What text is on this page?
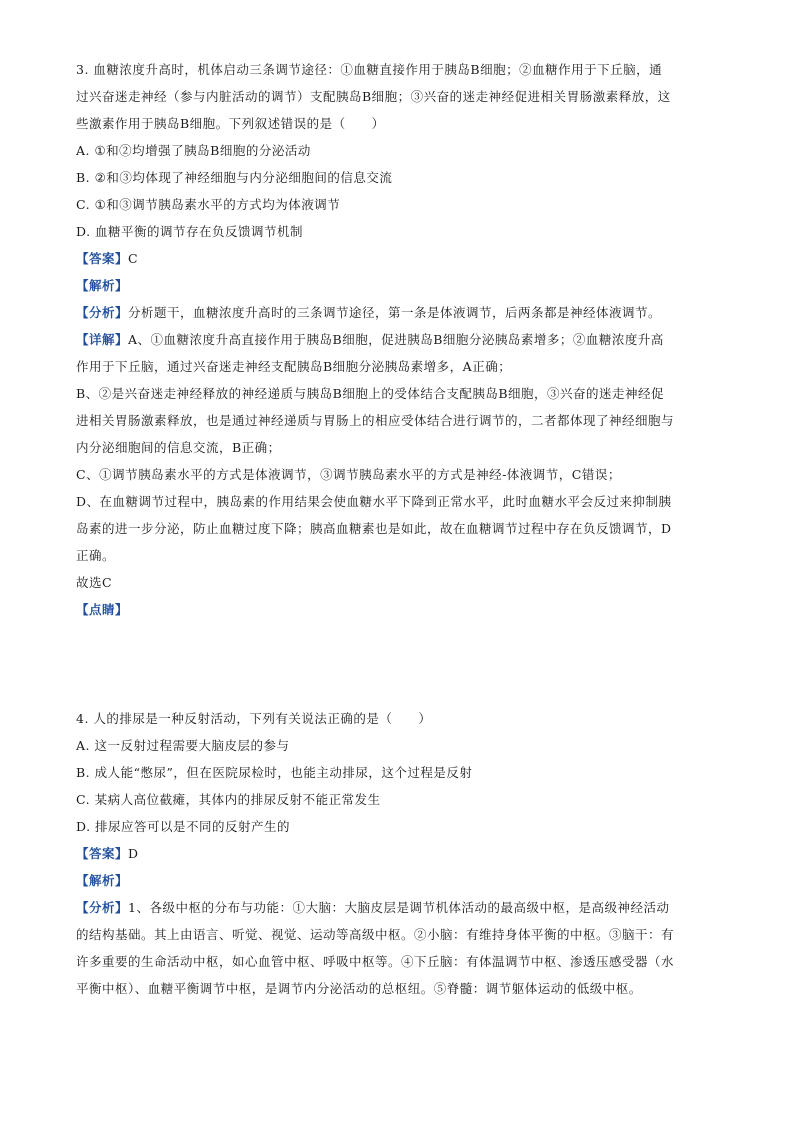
3. 血糖浓度升高时，机体启动三条调节途径：①血糖直接作用于胰岛B细胞；②血糖作用于下丘脑，通
过兴奋迷走神经（参与内脏活动的调节）支配胰岛B细胞；③兴奋的迷走神经促进相关胃肠激素释放，这
些激素作用于胰岛B细胞。下列叙述错误的是（　　）
A. ①和②均增强了胰岛B细胞的分泌活动
B. ②和③均体现了神经细胞与内分泌细胞间的信息交流
C. ①和③调节胰岛素水平的方式均为体液调节
D. 血糖平衡的调节存在负反馈调节机制
【答案】C
【解析】
【分析】分析题干，血糖浓度升高时的三条调节途径，第一条是体液调节，后两条都是神经体液调节。
【详解】A、①血糖浓度升高直接作用于胰岛B细胞，促进胰岛B细胞分泌胰岛素增多；②血糖浓度升高
作用于下丘脑，通过兴奋迷走神经支配胰岛B细胞分泌胰岛素增多，A正确；
B、②是兴奋迷走神经释放的神经递质与胰岛B细胞上的受体结合支配胰岛B细胞，③兴奋的迷走神经促
进相关胃肠激素释放，也是通过神经递质与胃肠上的相应受体结合进行调节的，二者都体现了神经细胞与
内分泌细胞间的信息交流，B正确；
C、①调节胰岛素水平的方式是体液调节，③调节胰岛素水平的方式是神经-体液调节，C错误；
D、在血糖调节过程中，胰岛素的作用结果会使血糖水平下降到正常水平，此时血糖水平会反过来抑制胰
岛素的进一步分泌，防止血糖过度下降；胰高血糖素也是如此，故在血糖调节过程中存在负反馈调节，D
正确。
故选C
【点睛】
4. 人的排尿是一种反射活动，下列有关说法正确的是（　　）
A. 这一反射过程需要大脑皮层的参与
B. 成人能“憋尿”，但在医院尿检时，也能主动排尿，这个过程是反射
C. 某病人高位截瘫，其体内的排尿反射不能正常发生
D. 排尿应答可以是不同的反射产生的
【答案】D
【解析】
【分析】1、各级中枢的分布与功能：①大脑：大脑皮层是调节机体活动的最高级中枢，是高级神经活动
的结构基础。其上由语言、听觉、视觉、运动等高级中枢。②小脑：有维持身体平衡的中枢。③脑干：有
许多重要的生命活动中枢，如心血管中枢、呼吸中枢等。④下丘脑：有体温调节中枢、渗透压感受器（水
平衡中枢）、血糖平衡调节中枢，是调节内分泌活动的总枢纽。⑤脊髓：调节躯体运动的低级中枢。
